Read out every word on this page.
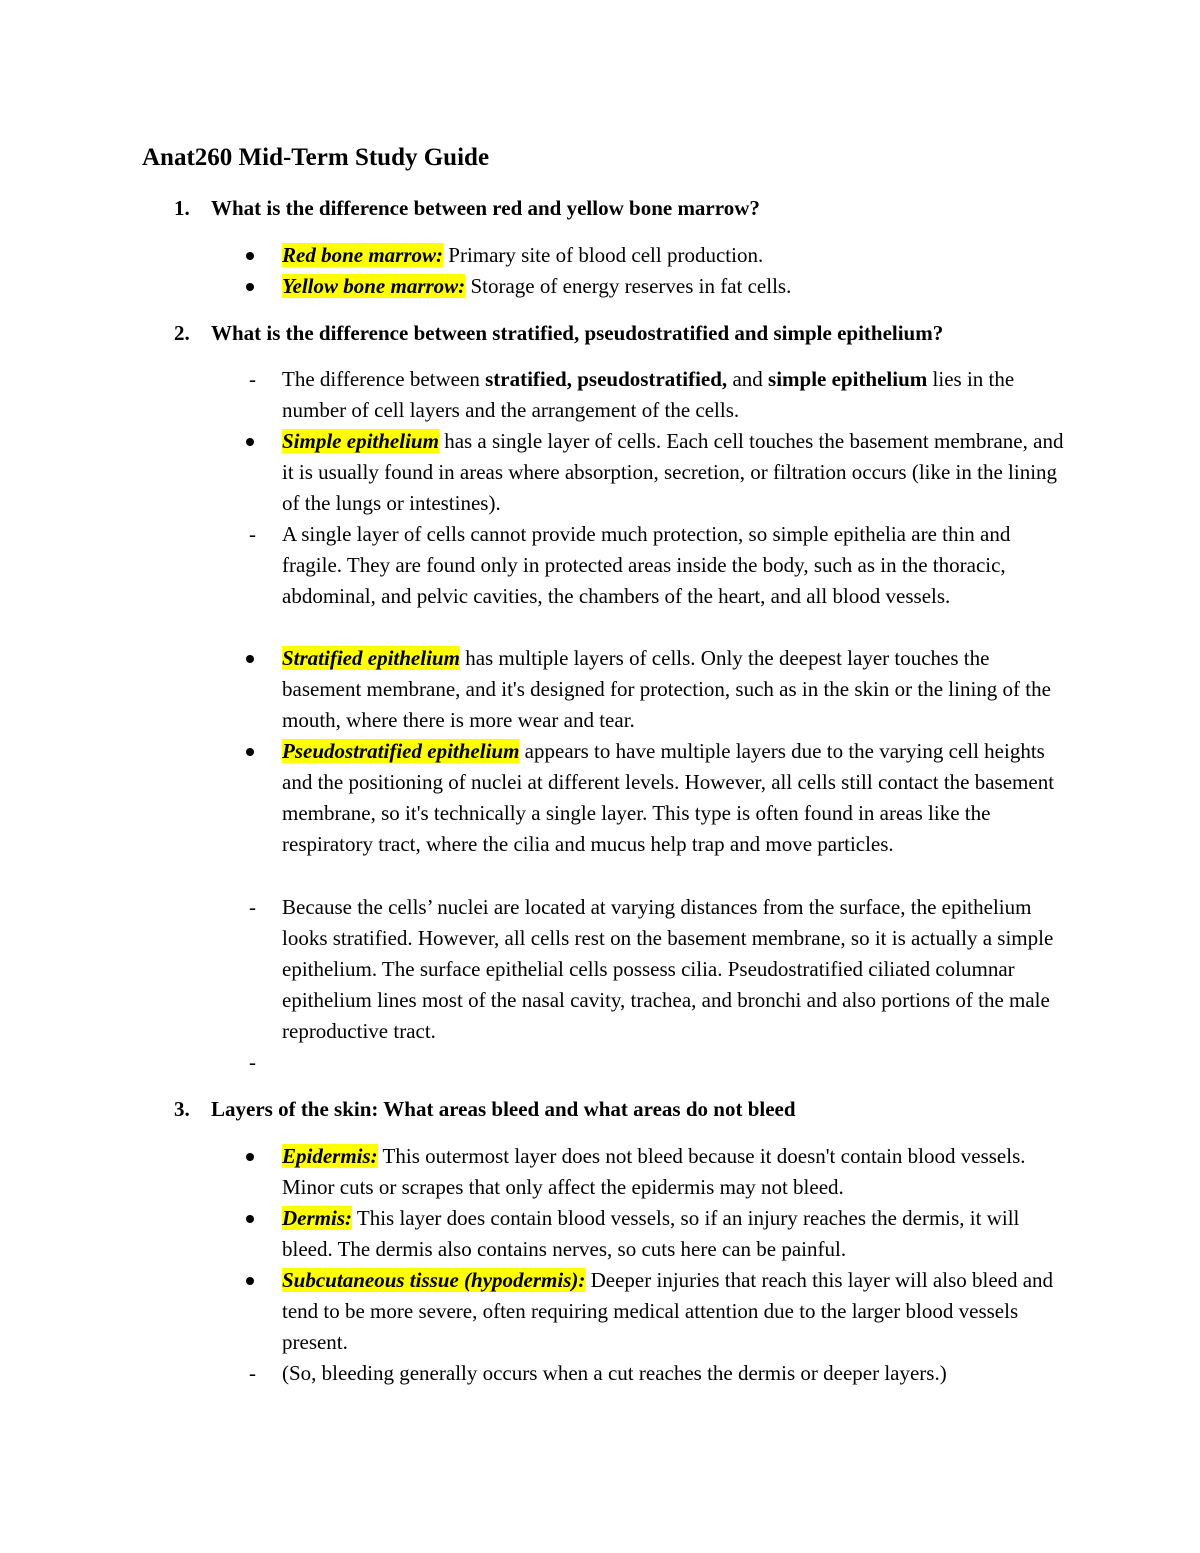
Anat260 Mid-Term Study Guide
1. What is the difference between red and yellow bone marrow?
Red bone marrow: Primary site of blood cell production.
Yellow bone marrow: Storage of energy reserves in fat cells.
2. What is the difference between stratified, pseudostratified and simple epithelium?
- The difference between stratified, pseudostratified, and simple epithelium lies in the number of cell layers and the arrangement of the cells.
Simple epithelium has a single layer of cells. Each cell touches the basement membrane, and it is usually found in areas where absorption, secretion, or filtration occurs (like in the lining of the lungs or intestines).
- A single layer of cells cannot provide much protection, so simple epithelia are thin and fragile. They are found only in protected areas inside the body, such as in the thoracic, abdominal, and pelvic cavities, the chambers of the heart, and all blood vessels.
Stratified epithelium has multiple layers of cells. Only the deepest layer touches the basement membrane, and it's designed for protection, such as in the skin or the lining of the mouth, where there is more wear and tear.
Pseudostratified epithelium appears to have multiple layers due to the varying cell heights and the positioning of nuclei at different levels. However, all cells still contact the basement membrane, so it's technically a single layer. This type is often found in areas like the respiratory tract, where the cilia and mucus help trap and move particles.
- Because the cells’ nuclei are located at varying distances from the surface, the epithelium looks stratified. However, all cells rest on the basement membrane, so it is actually a simple epithelium. The surface epithelial cells possess cilia. Pseudostratified ciliated columnar epithelium lines most of the nasal cavity, trachea, and bronchi and also portions of the male reproductive tract.
-
3. Layers of the skin: What areas bleed and what areas do not bleed
Epidermis: This outermost layer does not bleed because it doesn't contain blood vessels. Minor cuts or scrapes that only affect the epidermis may not bleed.
Dermis: This layer does contain blood vessels, so if an injury reaches the dermis, it will bleed. The dermis also contains nerves, so cuts here can be painful.
Subcutaneous tissue (hypodermis): Deeper injuries that reach this layer will also bleed and tend to be more severe, often requiring medical attention due to the larger blood vessels present.
- (So, bleeding generally occurs when a cut reaches the dermis or deeper layers.)
